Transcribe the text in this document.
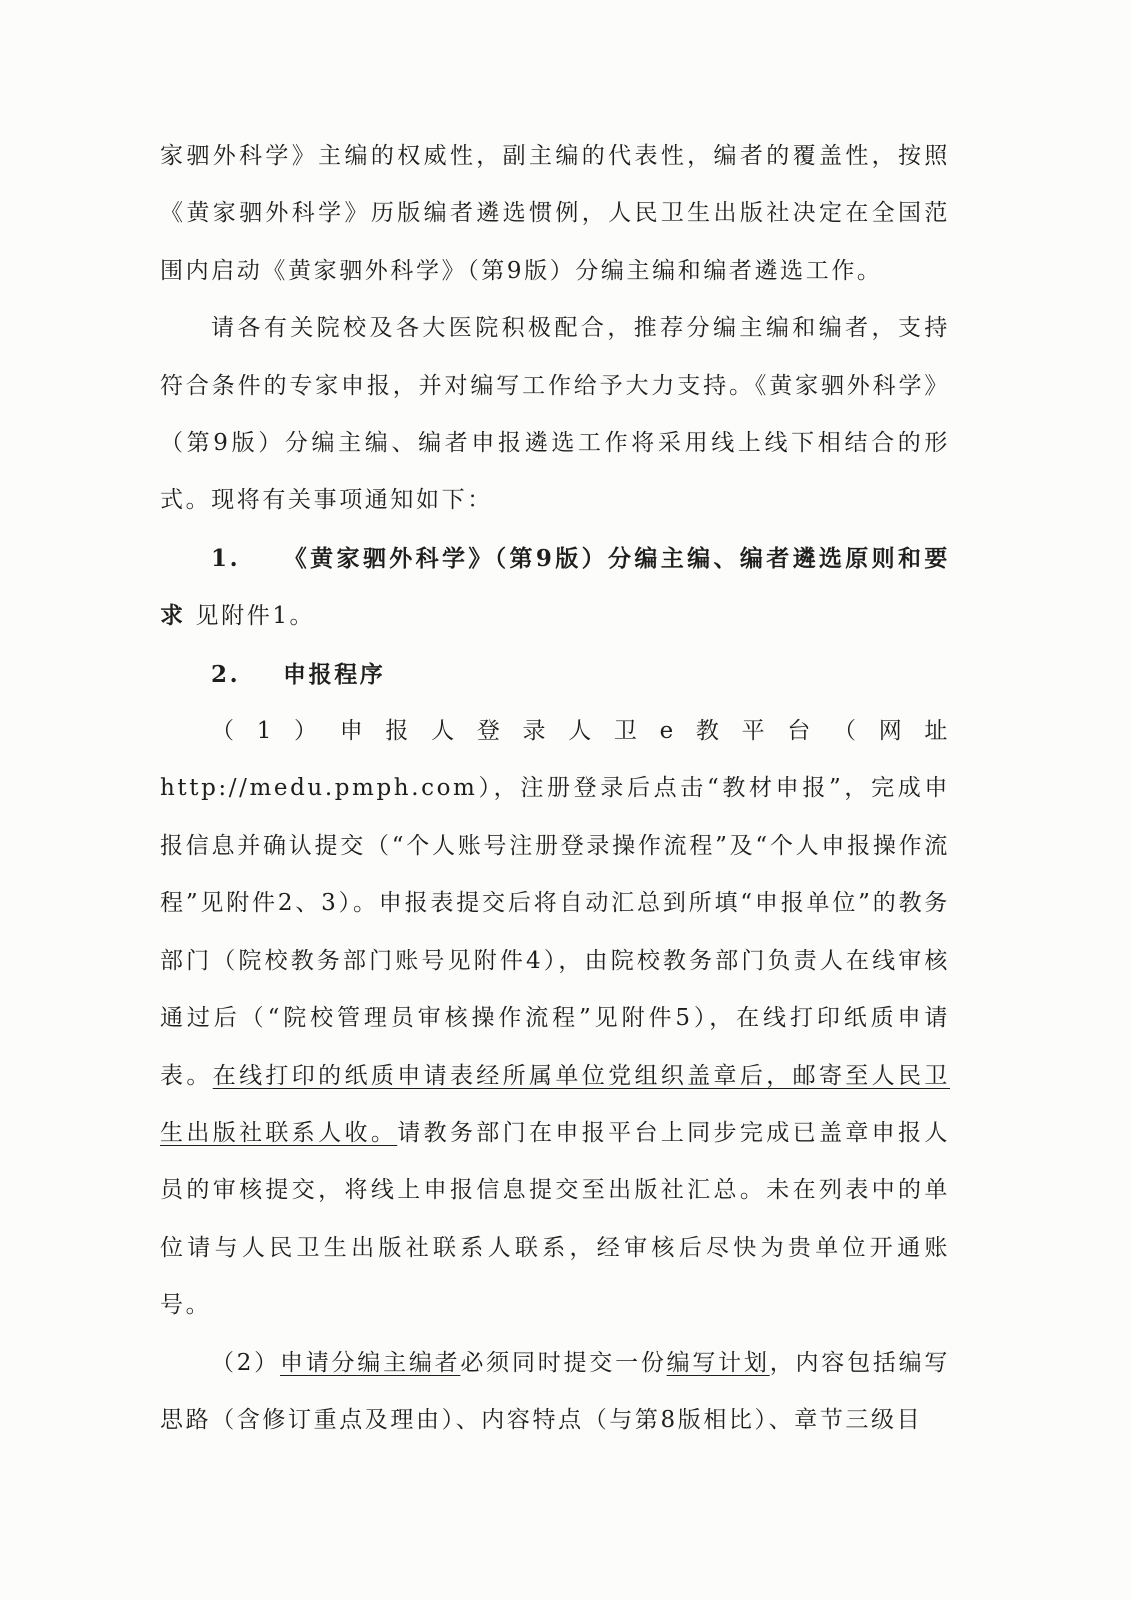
家驷外科学》主编的权威性，副主编的代表性，编者的覆盖性，按照《黄家驷外科学》历版编者遴选惯例，人民卫生出版社决定在全国范围内启动《黄家驷外科学》（第9版）分编主编和编者遴选工作。

请各有关院校及各大医院积极配合，推荐分编主编和编者，支持符合条件的专家申报，并对编写工作给予大力支持。《黄家驷外科学》（第9版）分编主编、编者申报遴选工作将采用线上线下相结合的形式。现将有关事项通知如下：

1. 《黄家驷外科学》（第9版）分编主编、编者遴选原则和要求 见附件1。

2. 申报程序

（1）申报人登录人卫e教平台（网址http://medu.pmph.com），注册登录后点击“教材申报”，完成申报信息并确认提交（“个人账号注册登录操作流程”及“个人申报操作流程”见附件2、3）。申报表提交后将自动汇总到所填“申报单位”的教务部门（院校教务部门账号见附件4），由院校教务部门负责人在线审核通过后（“院校管理员审核操作流程”见附件5），在线打印纸质申请表。在线打印的纸质申请表经所属单位党组织盖章后，邮寄至人民卫生出版社联系人收。请教务部门在申报平台上同步完成已盖章申报人员的审核提交，将线上申报信息提交至出版社汇总。未在列表中的单位请与人民卫生出版社联系人联系，经审核后尽快为贵单位开通账号。

（2）申请分编主编者必须同时提交一份编写计划，内容包括编写思路（含修订重点及理由）、内容特点（与第8版相比）、章节三级目
